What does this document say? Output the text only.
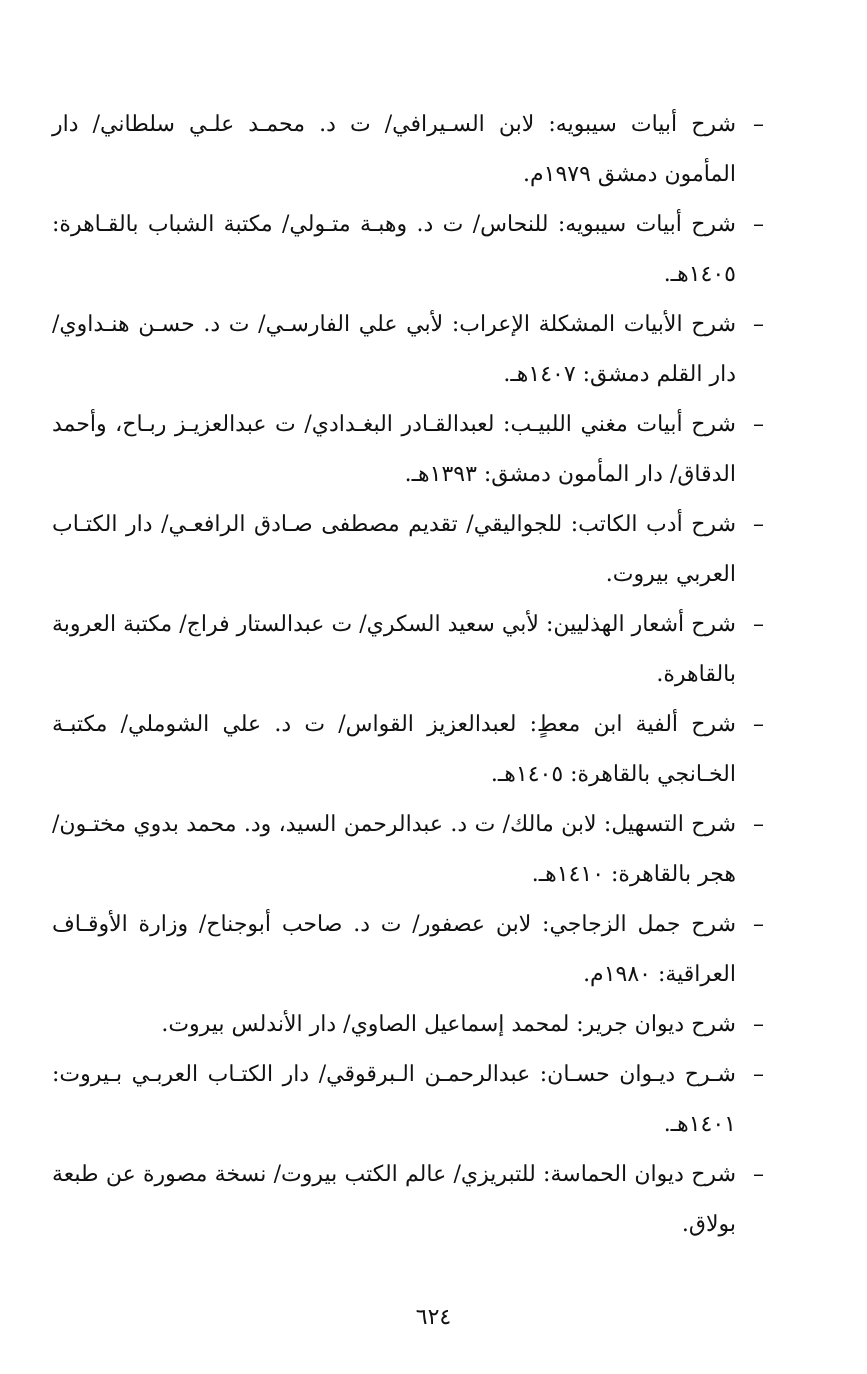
–
شرح أبيات سيبويه: لابن السـيرافي/ ت د. محمـد علـي سلطاني/ دار المأمون دمشق ١٩٧٩م.

–
شرح أبيات سيبويه: للنحاس/ ت د. وهبـة متـولي/ مكتبة الشباب بالقـاهرة: ١٤٠٥هـ.

–
شرح الأبيات المشكلة الإعراب: لأبي علي الفارسـي/ ت د. حسـن هنـداوي/ دار القلم دمشق: ١٤٠٧هـ.

–
شرح أبيات مغني اللبيـب: لعبدالقـادر البغـدادي/ ت عبدالعزيـز ربـاح، وأحمد الدقاق/ دار المأمون دمشق: ١٣٩٣هـ.

–
شرح أدب الكاتب: للجواليقي/ تقديم مصطفى صـادق الرافعـي/ دار الكتـاب العربي بيروت.

–
شرح أشعار الهذليين: لأبي سعيد السكري/ ت عبدالستار فراج/ مكتبة العروبة بالقاهرة.

–
شرح ألفية ابن معطٍ: لعبدالعزيز القواس/ ت د. علي الشوملي/ مكتبـة الخـانجي بالقاهرة: ١٤٠٥هـ.

–
شرح التسهيل: لابن مالك/ ت د. عبدالرحمن السيد، ود. محمد بدوي مختـون/ هجر بالقاهرة: ١٤١٠هـ.

–
شرح جمل الزجاجي: لابن عصفور/ ت د. صاحب أبوجناح/ وزارة الأوقـاف العراقية: ١٩٨٠م.

–
شرح ديوان جرير: لمحمد إسماعيل الصاوي/ دار الأندلس بيروت.

–
شـرح ديـوان حسـان: عبدالرحمـن الـبرقوقي/ دار الكتـاب العربـي بـيروت: ١٤٠١هـ.

–
شرح ديوان الحماسة: للتبريزي/ عالم الكتب بيروت/ نسخة مصورة عن طبعة بولاق.

٦٢٤
